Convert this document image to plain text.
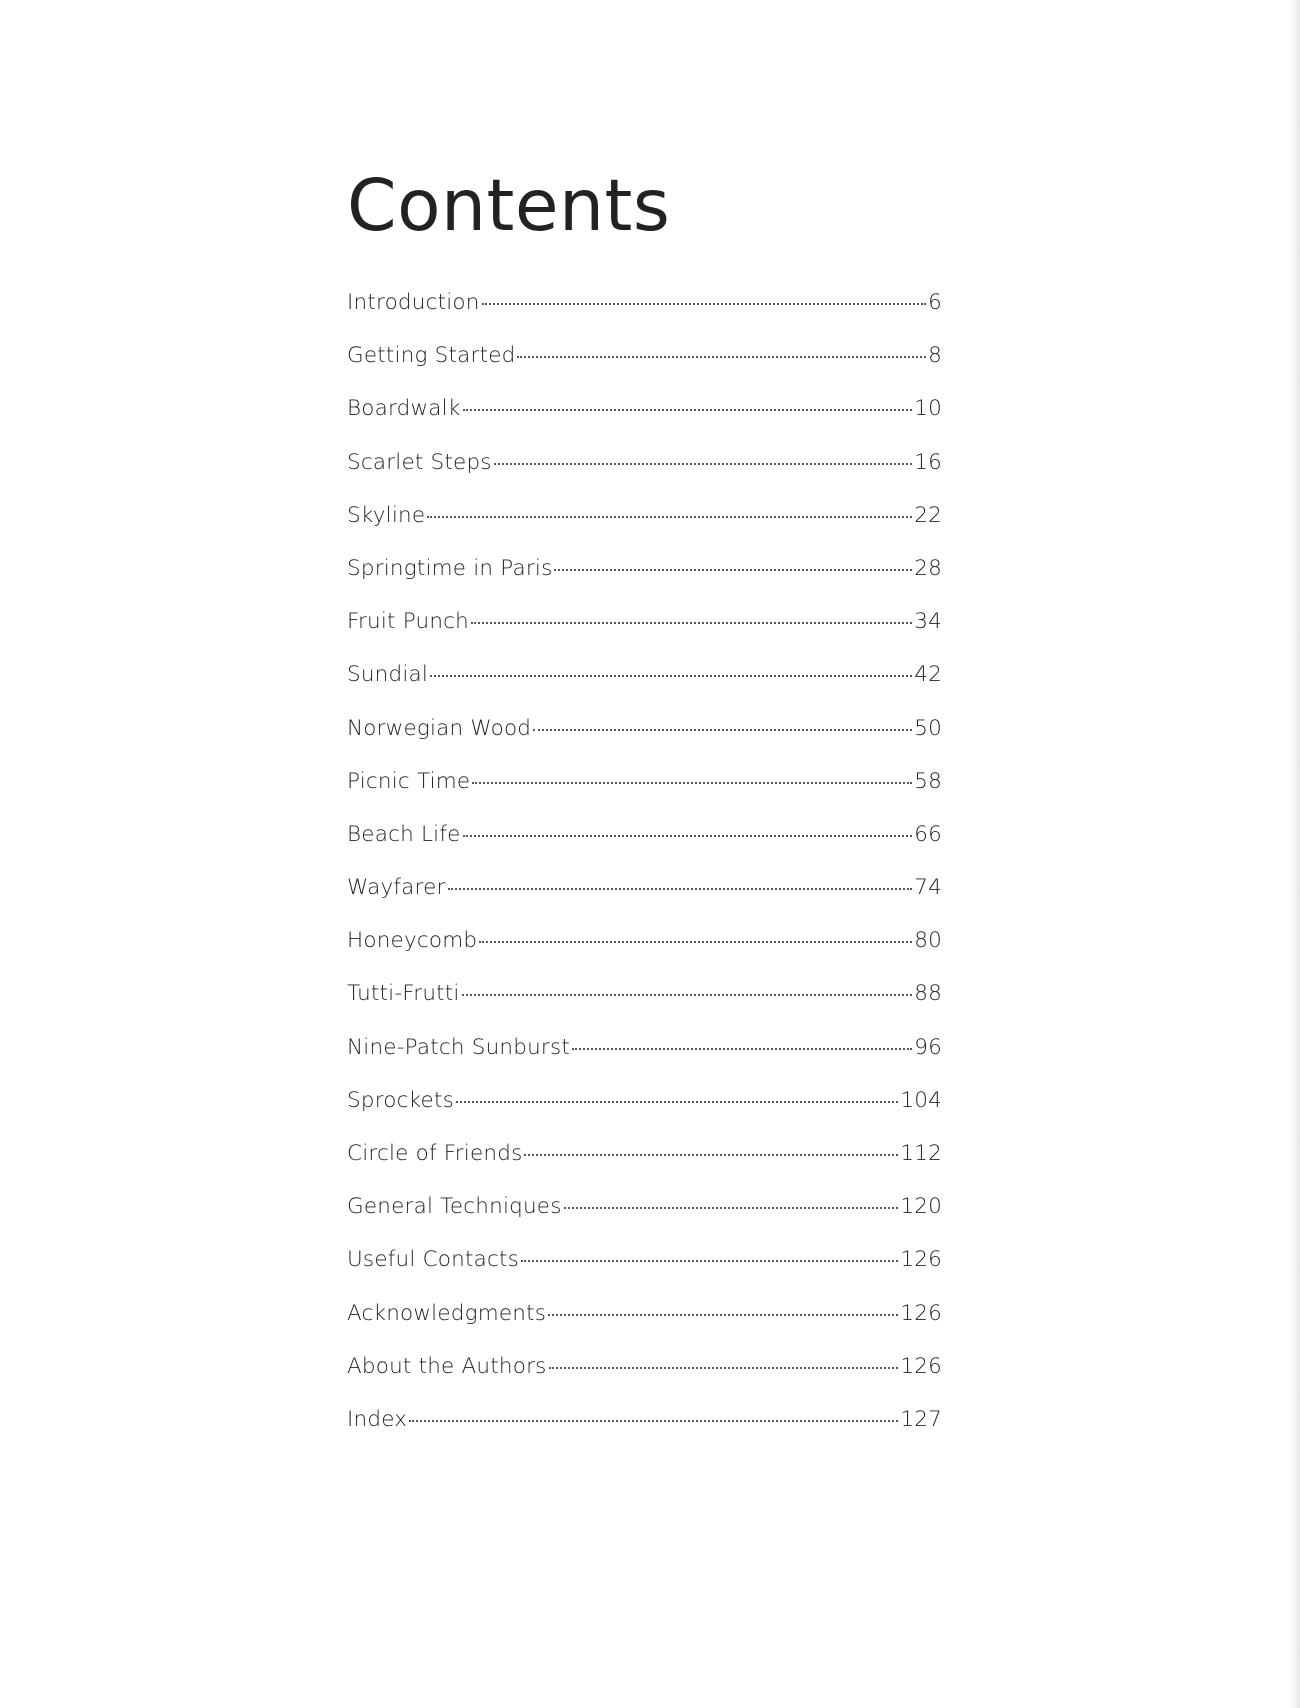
Contents
Introduction	6
Getting Started	8
Boardwalk	10
Scarlet Steps	16
Skyline	22
Springtime in Paris	28
Fruit Punch	34
Sundial	42
Norwegian Wood	50
Picnic Time	58
Beach Life	66
Wayfarer	74
Honeycomb	80
Tutti-Frutti	88
Nine-Patch Sunburst	96
Sprockets	104
Circle of Friends	112
General Techniques	120
Useful Contacts	126
Acknowledgments	126
About the Authors	126
Index	127
